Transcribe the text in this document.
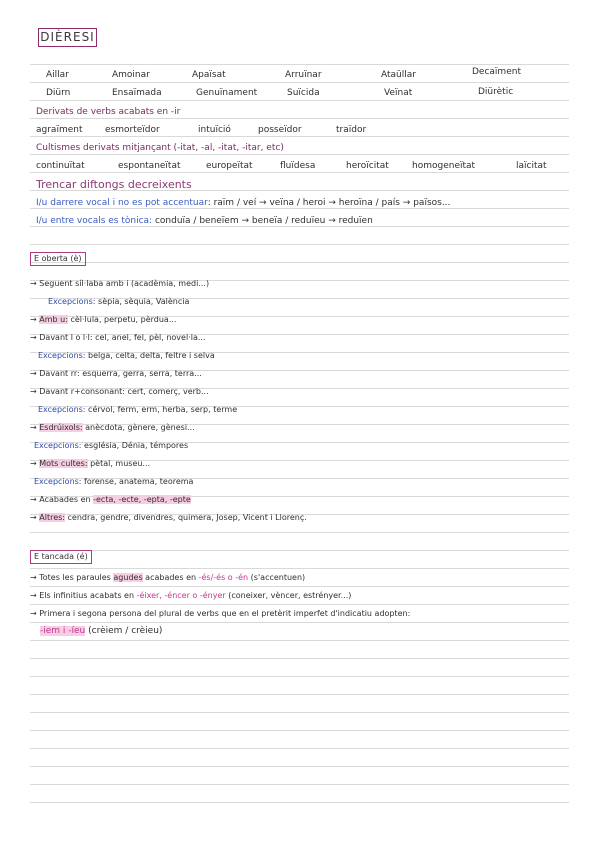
DIÈRESI
Aillar	Amoinar	Apaïsat	Arruïnar	Ataüllar	Decaïment
Diürn	Ensaïmada	Genuïnament	Suïcida	Veïnat	Diürètic
Derivats de verbs acabats en -ir
agraïment	esmorteïdor	intuïció	posseïdor	traïdor
Cultismes derivats mitjançant (-itat, -al, -itat, -itar, etc)
continuïtat	espontaneïtat	europeïtat	fluïdesa	heroïcitat	homogeneïtat	laïcitat
Trencar diftongs decreixents
I/u darrere vocal i no es pot accentuar: raïm / veí → veïna / heroi → heroïna / país → països...
I/u entre vocals es tònica: conduïa / beneïem → beneïa / reduïeu → reduïen
E oberta (è)
→ Seguent síl·laba amb i (acadèmia, medi...)
Excepcions: sèpia, sèquia, València
→ Amb u: cèl·lula, perpetu, pèrdua...
→ Davant l o l·l: cel, anel, fel, pèl, novel·la...
Excepcions: belga, celta, delta, feltre i selva
→ Davant rr: esquerra, gerra, serra, terra...
→ Davant r+consonant: cert, comerç, verb...
Excepcions: cérvol, ferm, erm, herba, serp, terme
→ Esdrúixols: anècdota, gènere, gènesi...
Excepcions: església, Dénia, témpores
→ Mots cultes: pètal, museu...
Excepcions: forense, anatema, teorema
→ Acabades en -ecta, -ecte, -epta, -epte
→ Altres: cendra, gendre, divendres, quimera, Josep, Vicent i Llorenç.
E tancada (é)
→ Totes les paraules agudes acabades en -és/-és o -én (s'accentuen)
→ Els infinitius acabats en -éixer, -éncer o -ényer (coneixer, vèncer, estrényer...)
→ Primera i segona persona del plural de verbs que en el pretèrit imperfet d'indicatiu adopten:
-iem i -íeu (crèiem / crèieu)
